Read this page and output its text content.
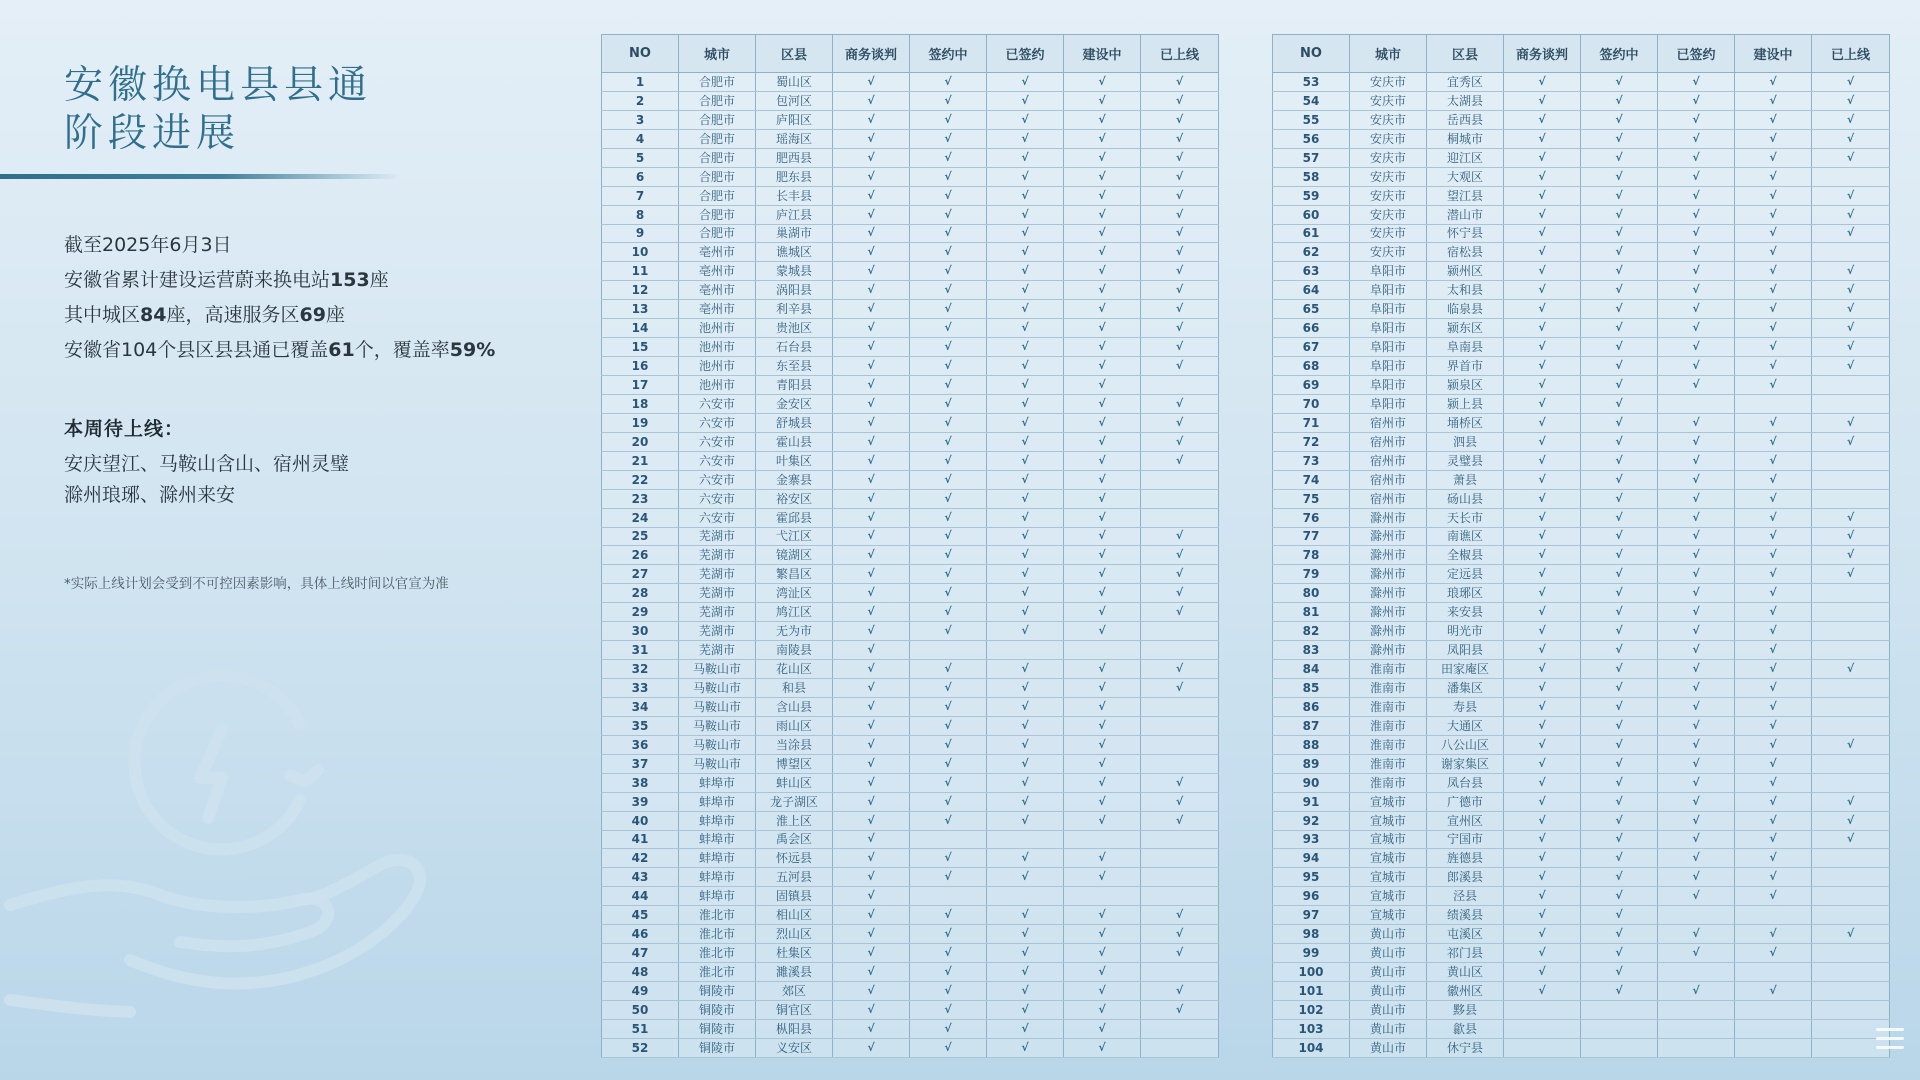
安徽换电县县通
阶段进展
截至2025年6月3日
安徽省累计建设运营蔚来换电站153座
其中城区84座，高速服务区69座
安徽省104个县区县县通已覆盖61个，覆盖率59%
本周待上线：
安庆望江、马鞍山含山、宿州灵璧
滁州琅琊、滁州来安
*实际上线计划会受到不可控因素影响，具体上线时间以官宣为准
NO	城市	区县	商务谈判	签约中	已签约	建设中	已上线
1	合肥市	蜀山区	√	√	√	√	√
2	合肥市	包河区	√	√	√	√	√
3	合肥市	庐阳区	√	√	√	√	√
4	合肥市	瑶海区	√	√	√	√	√
5	合肥市	肥西县	√	√	√	√	√
6	合肥市	肥东县	√	√	√	√	√
7	合肥市	长丰县	√	√	√	√	√
8	合肥市	庐江县	√	√	√	√	√
9	合肥市	巢湖市	√	√	√	√	√
10	亳州市	谯城区	√	√	√	√	√
11	亳州市	蒙城县	√	√	√	√	√
12	亳州市	涡阳县	√	√	√	√	√
13	亳州市	利辛县	√	√	√	√	√
14	池州市	贵池区	√	√	√	√	√
15	池州市	石台县	√	√	√	√	√
16	池州市	东至县	√	√	√	√	√
17	池州市	青阳县	√	√	√	√	
18	六安市	金安区	√	√	√	√	√
19	六安市	舒城县	√	√	√	√	√
20	六安市	霍山县	√	√	√	√	√
21	六安市	叶集区	√	√	√	√	√
22	六安市	金寨县	√	√	√	√	
23	六安市	裕安区	√	√	√	√	
24	六安市	霍邱县	√	√	√	√	
25	芜湖市	弋江区	√	√	√	√	√
26	芜湖市	镜湖区	√	√	√	√	√
27	芜湖市	繁昌区	√	√	√	√	√
28	芜湖市	湾沚区	√	√	√	√	√
29	芜湖市	鸠江区	√	√	√	√	√
30	芜湖市	无为市	√	√	√	√	
31	芜湖市	南陵县	√				
32	马鞍山市	花山区	√	√	√	√	√
33	马鞍山市	和县	√	√	√	√	√
34	马鞍山市	含山县	√	√	√	√	
35	马鞍山市	雨山区	√	√	√	√	
36	马鞍山市	当涂县	√	√	√	√	
37	马鞍山市	博望区	√	√	√	√	
38	蚌埠市	蚌山区	√	√	√	√	√
39	蚌埠市	龙子湖区	√	√	√	√	√
40	蚌埠市	淮上区	√	√	√	√	√
41	蚌埠市	禹会区	√				
42	蚌埠市	怀远县	√	√	√	√	
43	蚌埠市	五河县	√	√	√	√	
44	蚌埠市	固镇县	√				
45	淮北市	相山区	√	√	√	√	√
46	淮北市	烈山区	√	√	√	√	√
47	淮北市	杜集区	√	√	√	√	√
48	淮北市	濉溪县	√	√	√	√	
49	铜陵市	郊区	√	√	√	√	√
50	铜陵市	铜官区	√	√	√	√	√
51	铜陵市	枞阳县	√	√	√	√	
52	铜陵市	义安区	√	√	√	√	
NO	城市	区县	商务谈判	签约中	已签约	建设中	已上线
53	安庆市	宜秀区	√	√	√	√	√
54	安庆市	太湖县	√	√	√	√	√
55	安庆市	岳西县	√	√	√	√	√
56	安庆市	桐城市	√	√	√	√	√
57	安庆市	迎江区	√	√	√	√	√
58	安庆市	大观区	√	√	√	√	
59	安庆市	望江县	√	√	√	√	√
60	安庆市	潜山市	√	√	√	√	√
61	安庆市	怀宁县	√	√	√	√	√
62	安庆市	宿松县	√	√	√	√	
63	阜阳市	颍州区	√	√	√	√	√
64	阜阳市	太和县	√	√	√	√	√
65	阜阳市	临泉县	√	√	√	√	√
66	阜阳市	颍东区	√	√	√	√	√
67	阜阳市	阜南县	√	√	√	√	√
68	阜阳市	界首市	√	√	√	√	√
69	阜阳市	颍泉区	√	√	√	√	
70	阜阳市	颍上县	√	√			
71	宿州市	埇桥区	√	√	√	√	√
72	宿州市	泗县	√	√	√	√	√
73	宿州市	灵璧县	√	√	√	√	
74	宿州市	萧县	√	√	√	√	
75	宿州市	砀山县	√	√	√	√	
76	滁州市	天长市	√	√	√	√	√
77	滁州市	南谯区	√	√	√	√	√
78	滁州市	全椒县	√	√	√	√	√
79	滁州市	定远县	√	√	√	√	√
80	滁州市	琅琊区	√	√	√	√	
81	滁州市	来安县	√	√	√	√	
82	滁州市	明光市	√	√	√	√	
83	滁州市	凤阳县	√	√	√	√	
84	淮南市	田家庵区	√	√	√	√	√
85	淮南市	潘集区	√	√	√	√	
86	淮南市	寿县	√	√	√	√	
87	淮南市	大通区	√	√	√	√	
88	淮南市	八公山区	√	√	√	√	√
89	淮南市	谢家集区	√	√	√	√	
90	淮南市	凤台县	√	√	√	√	
91	宣城市	广德市	√	√	√	√	√
92	宣城市	宣州区	√	√	√	√	√
93	宣城市	宁国市	√	√	√	√	√
94	宣城市	旌德县	√	√	√	√	
95	宣城市	郎溪县	√	√	√	√	
96	宣城市	泾县	√	√	√	√	
97	宣城市	绩溪县	√	√			
98	黄山市	屯溪区	√	√	√	√	√
99	黄山市	祁门县	√	√	√	√	
100	黄山市	黄山区	√	√			
101	黄山市	徽州区	√	√	√	√	
102	黄山市	黟县					
103	黄山市	歙县					
104	黄山市	休宁县					
